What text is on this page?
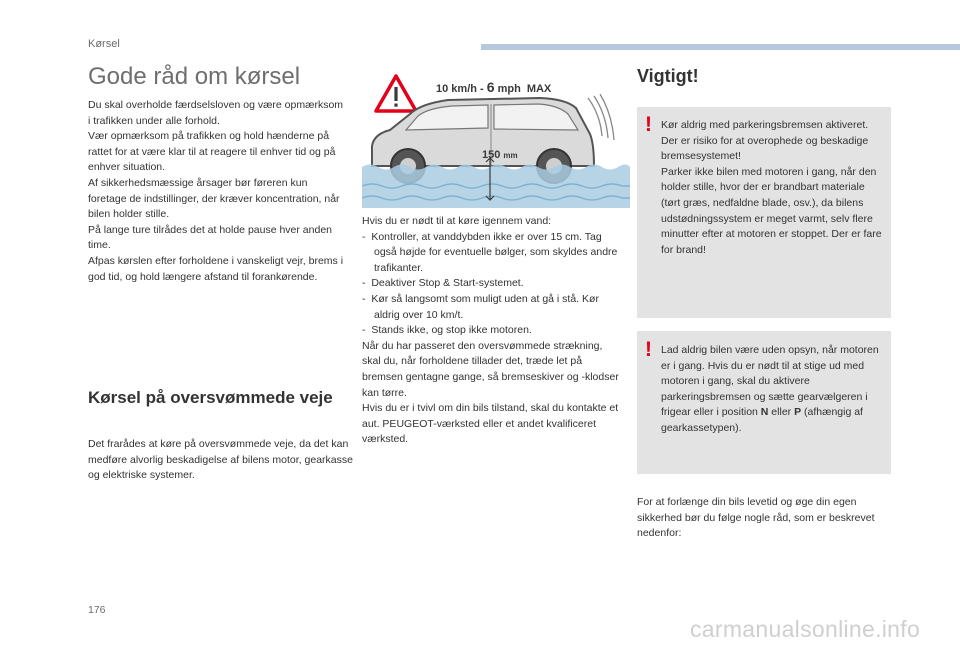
Kørsel
Gode råd om kørsel

Du skal overholde færdselsloven og være opmærksom i trafikken under alle forhold.

Vær opmærksom på trafikken og hold hænderne på rattet for at være klar til at reagere til enhver tid og på enhver situation.

Af sikkerhedsmæssige årsager bør føreren kun foretage de indstillinger, der kræver koncentration, når bilen holder stille.

På lange ture tilrådes det at holde pause hver anden time.

Afpas kørslen efter forholdene i vanskeligt vejr, brems i god tid, og hold længere afstand til forankørende.

Kørsel på oversvømmede veje

Det frarådes at køre på oversvømmede veje, da det kan medføre alvorlig beskadigelse af bilens motor, gearkasse og elektriske systemer.

10 km/h - 6 mph MAX
150 mm

Hvis du er nødt til at køre igennem vand:

-  Kontroller, at vanddybden ikke er over 15 cm. Tag også højde for eventuelle bølger, som skyldes andre trafikanter.
-  Deaktiver Stop & Start-systemet.
-  Kør så langsomt som muligt uden at gå i stå. Kør aldrig over 10 km/t.
-  Stands ikke, og stop ikke motoren.

Når du har passeret den oversvømmede strækning, skal du, når forholdene tillader det, træde let på bremsen gentagne gange, så bremseskiver og -klodser kan tørre.

Hvis du er i tvivl om din bils tilstand, skal du kontakte et aut. PEUGEOT-værksted eller et andet kvalificeret værksted.

Vigtigt!
! Kør aldrig med parkeringsbremsen aktiveret. Der er risiko for at overophede og beskadige bremsesystemet!

Parker ikke bilen med motoren i gang, når den holder stille, hvor der er brandbart materiale (tørt græs, nedfaldne blade, osv.), da bilens udstødningssystem er meget varmt, selv flere minutter efter at motoren er stoppet. Der er fare for brand!

! Lad aldrig bilen være uden opsyn, når motoren er i gang. Hvis du er nødt til at stige ud med motoren i gang, skal du aktivere parkeringsbremsen og sætte gearvælgeren i frigear eller i position N eller P (afhængig af gearkassetypen).

For at forlænge din bils levetid og øge din egen sikkerhed bør du følge nogle råd, som er beskrevet nedenfor:

176
carmanualsonline.info
